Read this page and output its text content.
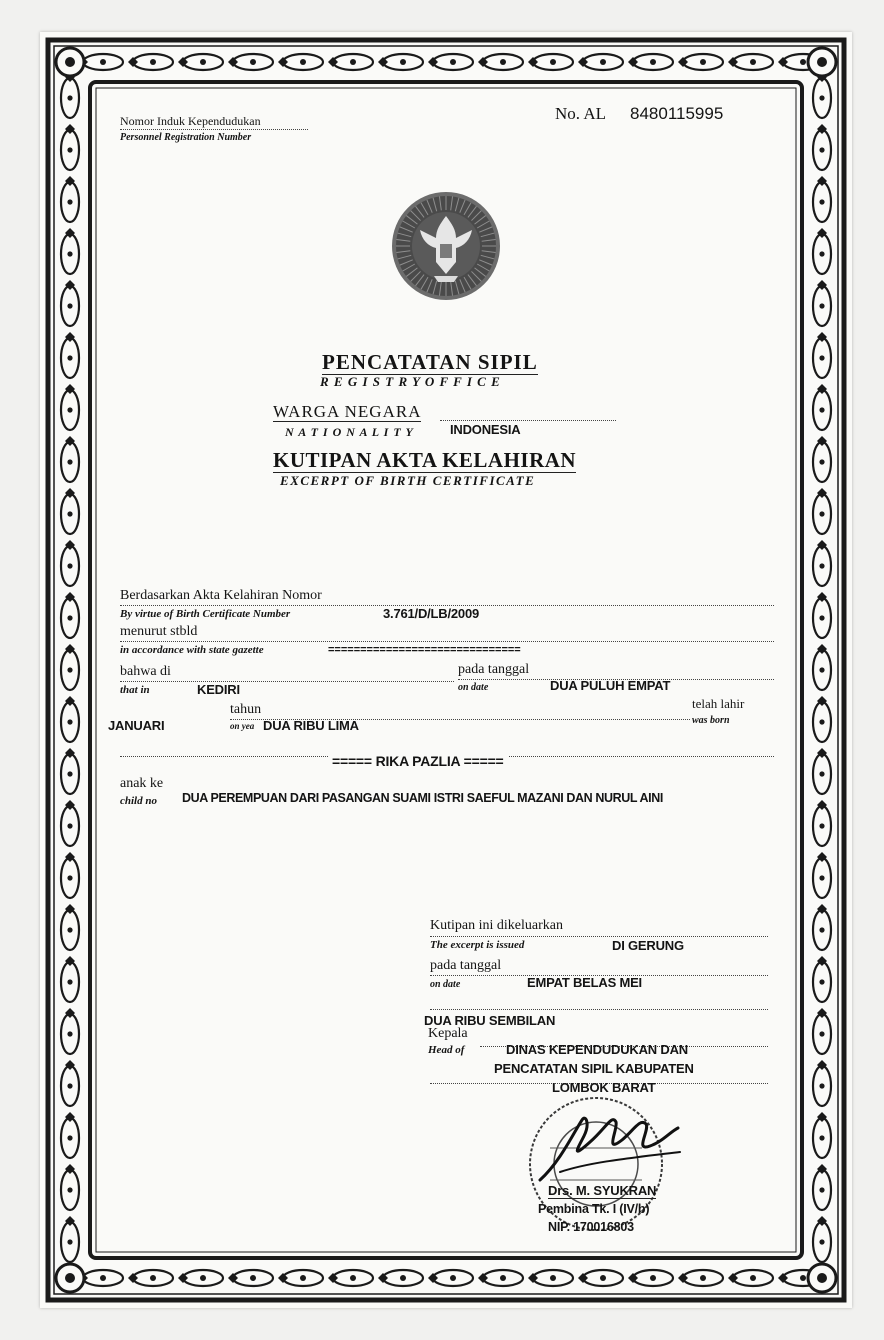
Nomor Induk Kependudukan
Personnel Registration Number
No. AL 8480115995
PENCATATAN SIPIL
R E G I S T R Y O F F I C E
WARGA NEGARA
N A T I O N A L I T Y	INDONESIA
KUTIPAN AKTA KELAHIRAN
EXCERPT OF BIRTH CERTIFICATE
Berdasarkan Akta Kelahiran Nomor
By virtue of Birth Certificate Number	3.761/D/LB/2009
menurut stbld
in accordance with state gazette	==============================
bahwa di
that in	KEDIRI
pada tanggal
on date	DUA PULUH EMPAT
JANUARI
tahun
on yea DUA RIBU LIMA
telah lahir
was born
===== RIKA PAZLIA =====
anak ke
child no DUA PEREMPUAN DARI PASANGAN SUAMI ISTRI SAEFUL MAZANI DAN NURUL AINI
Kutipan ini dikeluarkan
The excerpt is issued	DI GERUNG
pada tanggal
on date	EMPAT BELAS MEI
DUA RIBU SEMBILAN
Kepala
Head of	DINAS KEPENDUDUKAN DAN
PENCATATAN SIPIL KABUPATEN
LOMBOK BARAT
Drs. M. SYUKRAN
Pembina Tk. I (IV/b)
NIP. 170016803
